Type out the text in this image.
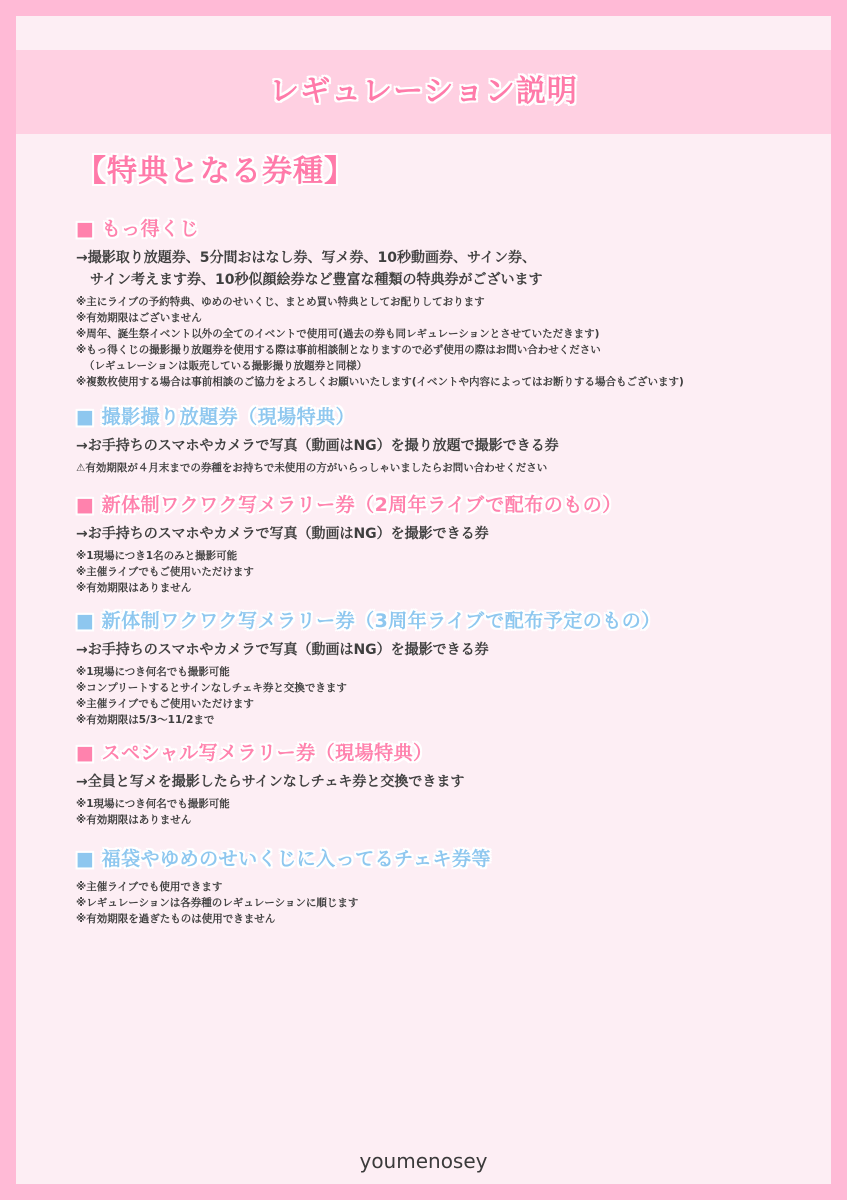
レギュレーション説明
【特典となる券種】
■ もっ得くじ
→撮影取り放題券、5分間おはなし券、写メ券、10秒動画券、サイン券、
サイン考えます券、10秒似顔絵券など豊富な種類の特典券がございます
※主にライブの予約特典、ゆめのせいくじ、まとめ買い特典としてお配りしております
※有効期限はございません
※周年、誕生祭イベント以外の全てのイベントで使用可(過去の券も同レギュレーションとさせていただきます)
※もっ得くじの撮影撮り放題券を使用する際は事前相談制となりますので必ず使用の際はお問い合わせください
（レギュレーションは販売している撮影撮り放題券と同様）
※複数枚使用する場合は事前相談のご協力をよろしくお願いいたします(イベントや内容によってはお断りする場合もございます)
■ 撮影撮り放題券（現場特典）
→お手持ちのスマホやカメラで写真（動画はNG）を撮り放題で撮影できる券
⚠有効期限が４月末までの券種をお持ちで未使用の方がいらっしゃいましたらお問い合わせください
■ 新体制ワクワク写メラリー券（2周年ライブで配布のもの）
→お手持ちのスマホやカメラで写真（動画はNG）を撮影できる券
※1現場につき1名のみと撮影可能
※主催ライブでもご使用いただけます
※有効期限はありません
■ 新体制ワクワク写メラリー券（3周年ライブで配布予定のもの）
→お手持ちのスマホやカメラで写真（動画はNG）を撮影できる券
※1現場につき何名でも撮影可能
※コンプリートするとサインなしチェキ券と交換できます
※主催ライブでもご使用いただけます
※有効期限は5/3〜11/2まで
■ スペシャル写メラリー券（現場特典）
→全員と写メを撮影したらサインなしチェキ券と交換できます
※1現場につき何名でも撮影可能
※有効期限はありません
■ 福袋やゆめのせいくじに入ってるチェキ券等
※主催ライブでも使用できます
※レギュレーションは各券種のレギュレーションに順じます
※有効期限を過ぎたものは使用できません
youmenosey
